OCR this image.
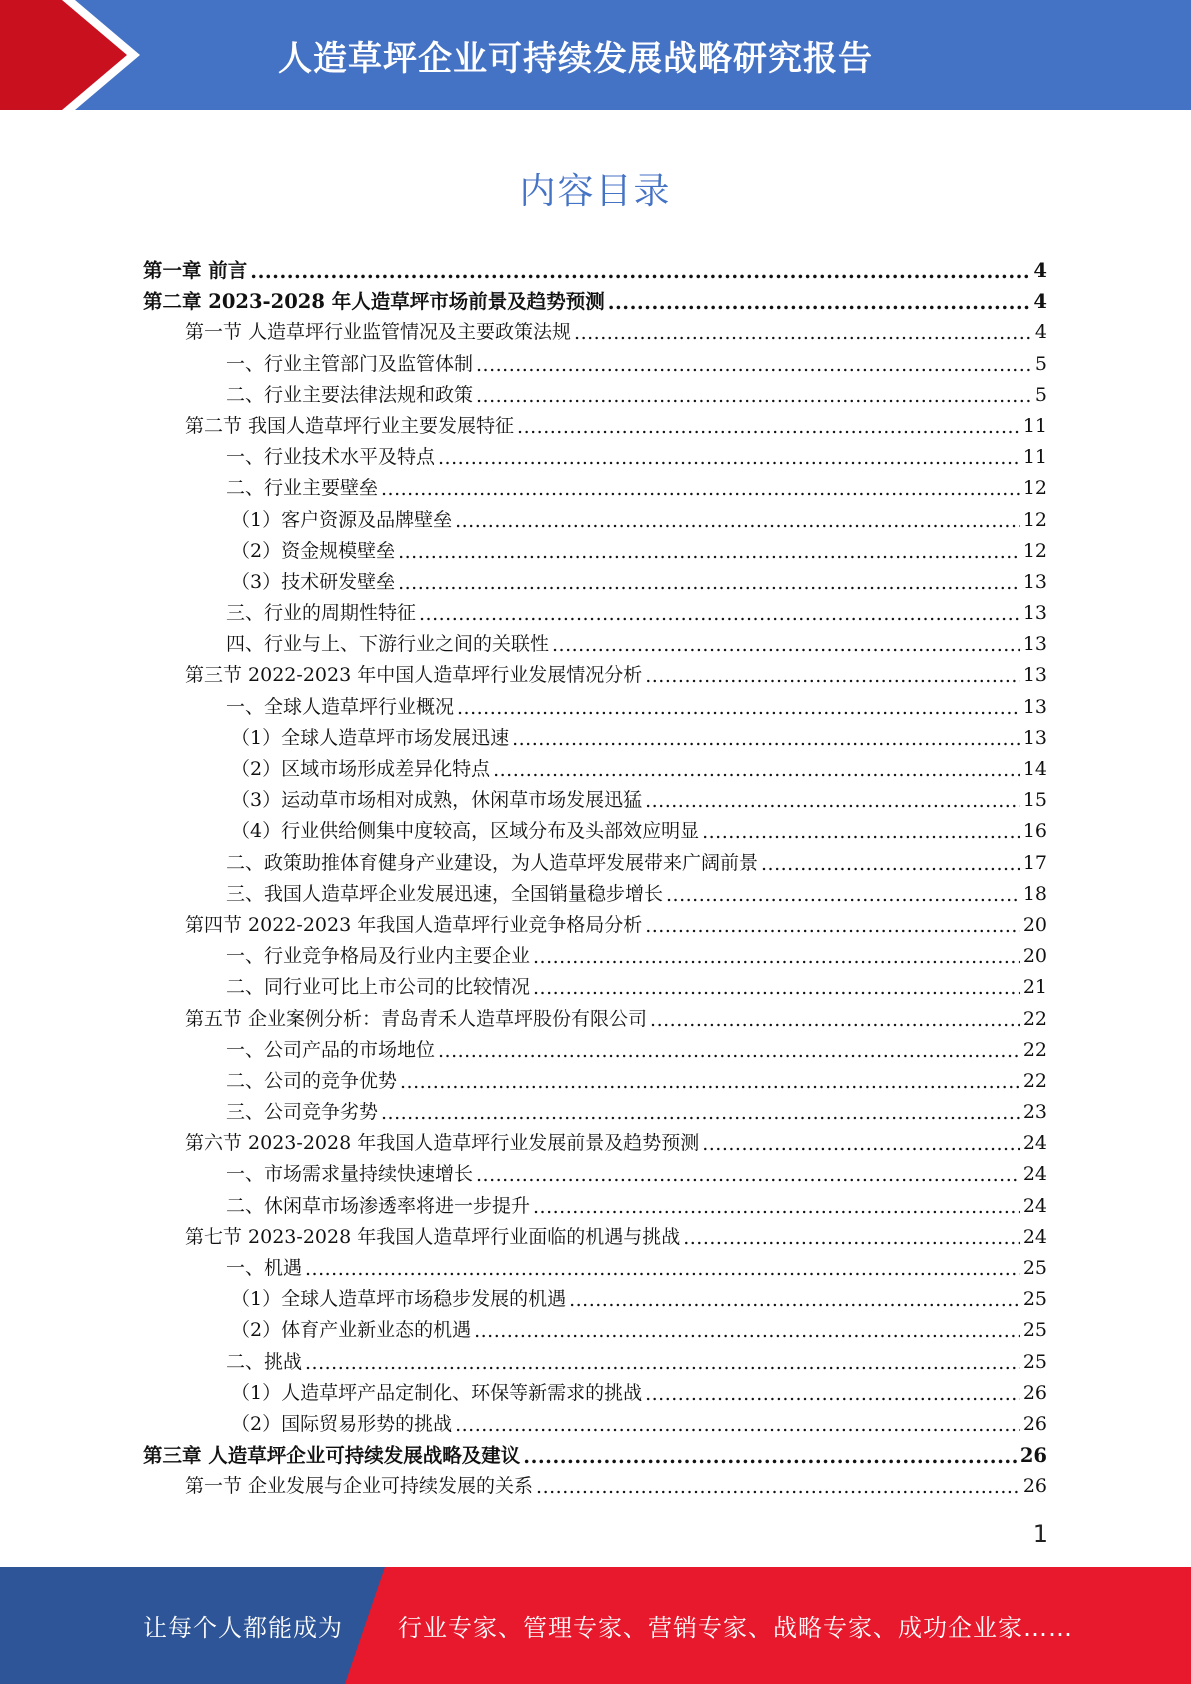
人造草坪企业可持续发展战略研究报告
内容目录
第一章 前言 .....	4
第二章 2023-2028 年人造草坪市场前景及趋势预测 .....	4
第一节 人造草坪行业监管情况及主要政策法规 .....	4
一、行业主管部门及监管体制 .....	5
二、行业主要法律法规和政策 .....	5
第二节 我国人造草坪行业主要发展特征 .....	11
一、行业技术水平及特点 .....	11
二、行业主要壁垒 .....	12
（1）客户资源及品牌壁垒 .....	12
（2）资金规模壁垒 .....	12
（3）技术研发壁垒 .....	13
三、行业的周期性特征 .....	13
四、行业与上、下游行业之间的关联性 .....	13
第三节 2022-2023 年中国人造草坪行业发展情况分析 .....	13
一、全球人造草坪行业概况 .....	13
（1）全球人造草坪市场发展迅速 .....	13
（2）区域市场形成差异化特点 .....	14
（3）运动草市场相对成熟，休闲草市场发展迅猛 .....	15
（4）行业供给侧集中度较高，区域分布及头部效应明显 .....	16
二、政策助推体育健身产业建设，为人造草坪发展带来广阔前景 .....	17
三、我国人造草坪企业发展迅速，全国销量稳步增长 .....	18
第四节 2022-2023 年我国人造草坪行业竞争格局分析 .....	20
一、行业竞争格局及行业内主要企业 .....	20
二、同行业可比上市公司的比较情况 .....	21
第五节 企业案例分析：青岛青禾人造草坪股份有限公司 .....	22
一、公司产品的市场地位 .....	22
二、公司的竞争优势 .....	22
三、公司竞争劣势 .....	23
第六节 2023-2028 年我国人造草坪行业发展前景及趋势预测 .....	24
一、市场需求量持续快速增长 .....	24
二、休闲草市场渗透率将进一步提升 .....	24
第七节 2023-2028 年我国人造草坪行业面临的机遇与挑战 .....	24
一、机遇 .....	25
（1）全球人造草坪市场稳步发展的机遇 .....	25
（2）体育产业新业态的机遇 .....	25
二、挑战 .....	25
（1）人造草坪产品定制化、环保等新需求的挑战 .....	26
（2）国际贸易形势的挑战 .....	26
第三章 人造草坪企业可持续发展战略及建议 .....	26
第一节 企业发展与企业可持续发展的关系 .....	26
1
让每个人都能成为 行业专家、管理专家、营销专家、战略专家、成功企业家……
